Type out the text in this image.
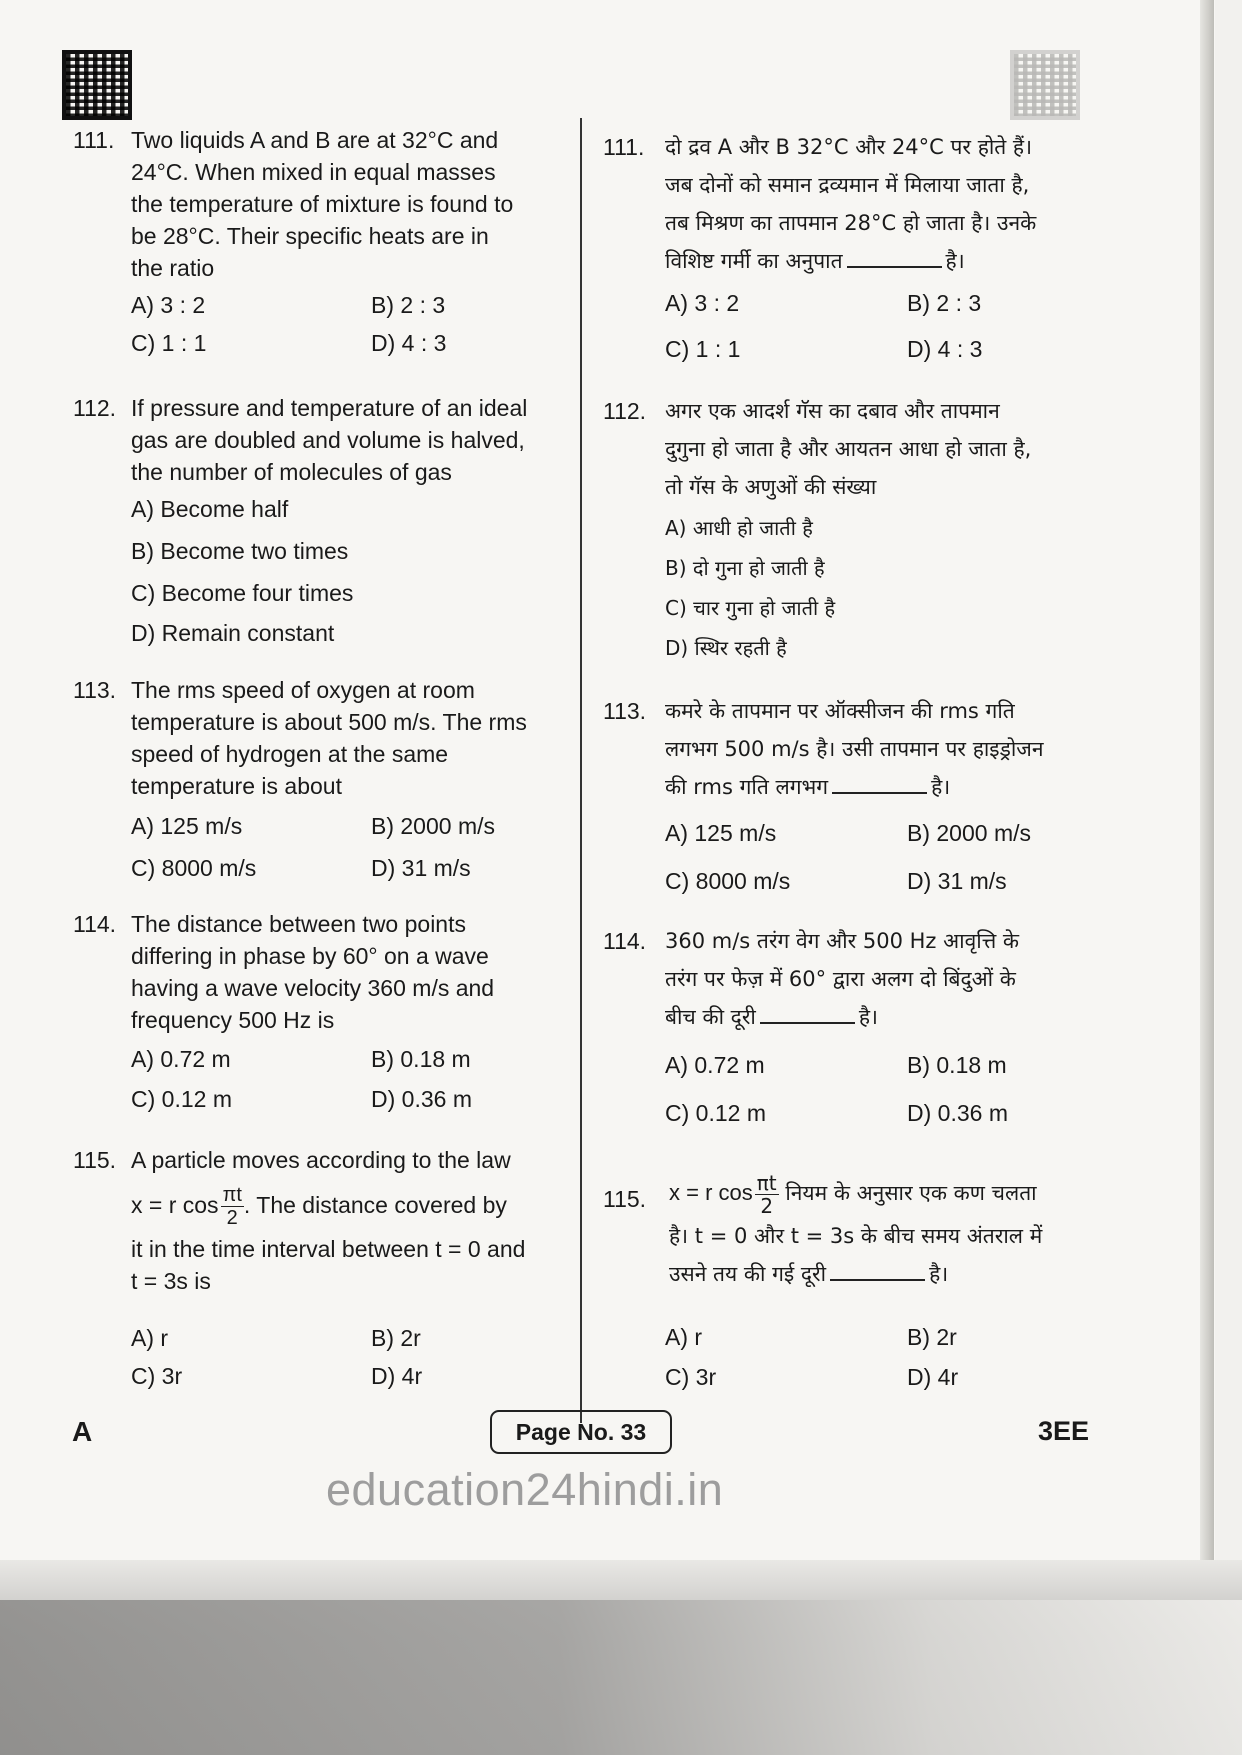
111. Two liquids A and B are at 32°C and
24°C. When mixed in equal masses
the temperature of mixture is found to
be 28°C. Their specific heats are in
the ratio
A) 3 : 2	B) 2 : 3
C) 1 : 1	D) 4 : 3
112. If pressure and temperature of an ideal
gas are doubled and volume is halved,
the number of molecules of gas
A) Become half
B) Become two times
C) Become four times
D) Remain constant
113. The rms speed of oxygen at room
temperature is about 500 m/s. The rms
speed of hydrogen at the same
temperature is about
A) 125 m/s	B) 2000 m/s
C) 8000 m/s	D) 31 m/s
114. The distance between two points
differing in phase by 60° on a wave
having a wave velocity 360 m/s and
frequency 500 Hz is
A) 0.72 m	B) 0.18 m
C) 0.12 m	D) 0.36 m
115. A particle moves according to the law
x = r $\cos \frac{\pi t}{2}$ . The distance covered by
it in the time interval between t = 0 and
t = 3s is
A) r	B) 2r
C) 3r	D) 4r
111. दो द्रव A और B 32°C और 24°C पर होते हैं।
जब दोनों को समान द्रव्यमान में मिलाया जाता है,
तब मिश्रण का तापमान 28°C हो जाता है। उनके
विशिष्ट गर्मी का अनुपात	है।
A) 3 : 2	B) 2 : 3
C) 1 : 1	D) 4 : 3
112. अगर एक आदर्श गॅस का दबाव और तापमान
दुगुना हो जाता है और आयतन आधा हो जाता है,
तो गॅस के अणुओं की संख्या
A) आधी हो जाती है
B) दो गुना हो जाती है
C) चार गुना हो जाती है
D) स्थिर रहती है
113. कमरे के तापमान पर ऑक्सीजन की rms गति
लगभग 500 m/s है। उसी तापमान पर हाइड्रोजन
की rms गति लगभग	है।
A) 125 m/s	B) 2000 m/s
C) 8000 m/s	D) 31 m/s
114. 360 m/s तरंग वेग और 500 Hz आवृत्ति के
तरंग पर फेज़ में 60° द्वारा अलग दो बिंदुओं के
बीच की दूरी	है।
A) 0.72 m	B) 0.18 m
C) 0.12 m	D) 0.36 m
115. x = r $\cos \frac{\pi t}{2}$ नियम के अनुसार एक कण चलता
है। t = 0 और t = 3s के बीच समय अंतराल में
उसने तय की गई दूरी	है।
A) r	B) 2r
C) 3r	D) 4r
A	Page No. 33	3EE
education24hindi.in
